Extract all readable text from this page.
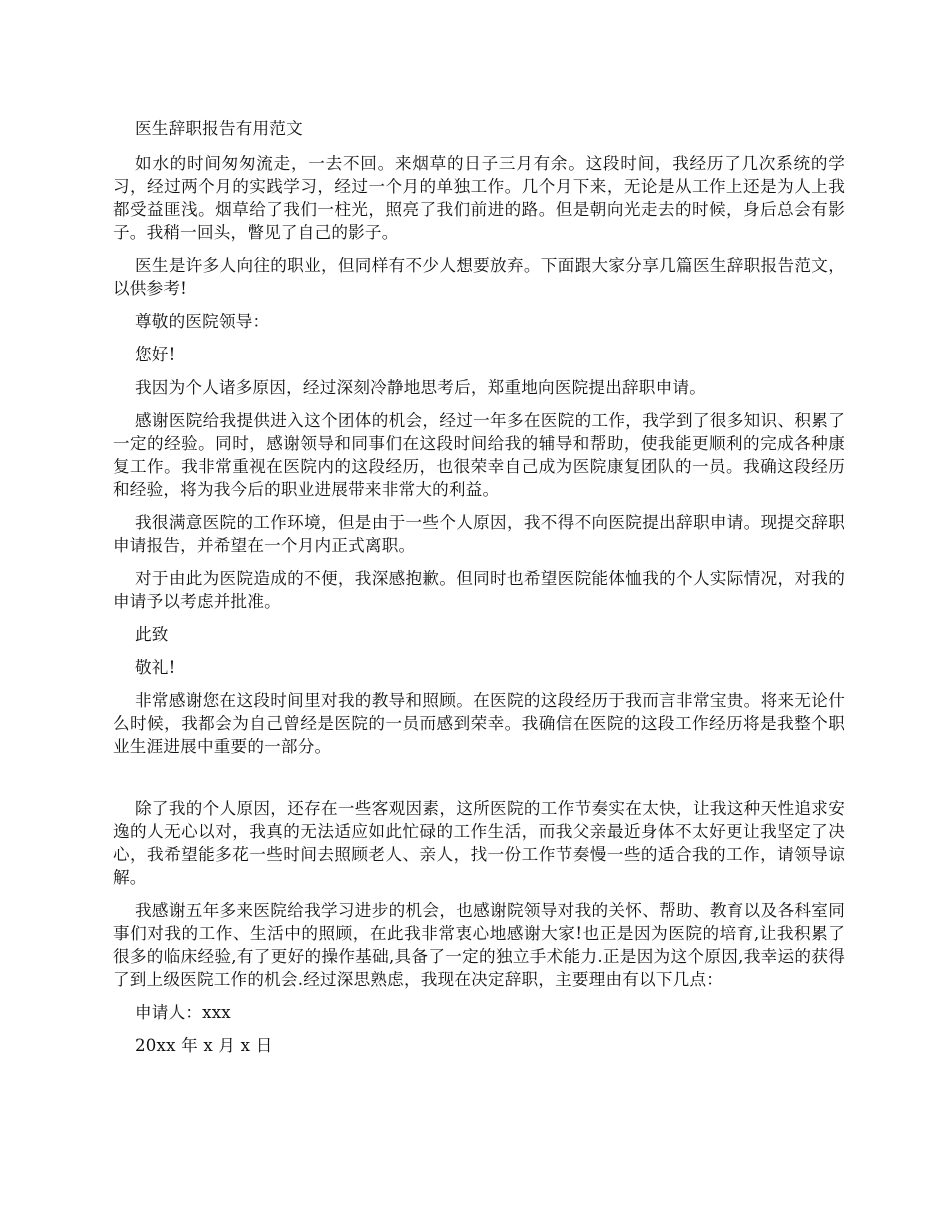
医生辞职报告有用范文

如水的时间匆匆流走，一去不回。来烟草的日子三月有余。这段时间，我经历了几次系统的学习，经过两个月的实践学习，经过一个月的单独工作。几个月下来，无论是从工作上还是为人上我都受益匪浅。烟草给了我们一柱光，照亮了我们前进的路。但是朝向光走去的时候，身后总会有影子。我稍一回头，瞥见了自己的影子。

医生是许多人向往的职业，但同样有不少人想要放弃。下面跟大家分享几篇医生辞职报告范文，以供参考!

尊敬的医院领导：

您好!

我因为个人诸多原因，经过深刻冷静地思考后，郑重地向医院提出辞职申请。

感谢医院给我提供进入这个团体的机会，经过一年多在医院的工作，我学到了很多知识、积累了一定的经验。同时，感谢领导和同事们在这段时间给我的辅导和帮助，使我能更顺利的完成各种康复工作。我非常重视在医院内的这段经历，也很荣幸自己成为医院康复团队的一员。我确这段经历和经验，将为我今后的职业进展带来非常大的利益。

我很满意医院的工作环境，但是由于一些个人原因，我不得不向医院提出辞职申请。现提交辞职申请报告，并希望在一个月内正式离职。

对于由此为医院造成的不便，我深感抱歉。但同时也希望医院能体恤我的个人实际情况，对我的申请予以考虑并批准。

此致

敬礼!

非常感谢您在这段时间里对我的教导和照顾。在医院的这段经历于我而言非常宝贵。将来无论什么时候，我都会为自己曾经是医院的一员而感到荣幸。我确信在医院的这段工作经历将是我整个职业生涯进展中重要的一部分。

除了我的个人原因，还存在一些客观因素，这所医院的工作节奏实在太快，让我这种天性追求安逸的人无心以对，我真的无法适应如此忙碌的工作生活，而我父亲最近身体不太好更让我坚定了决心，我希望能多花一些时间去照顾老人、亲人，找一份工作节奏慢一些的适合我的工作，请领导谅解。

我感谢五年多来医院给我学习进步的机会，也感谢院领导对我的关怀、帮助、教育以及各科室同事们对我的工作、生活中的照顾，在此我非常衷心地感谢大家!也正是因为医院的培育,让我积累了很多的临床经验,有了更好的操作基础,具备了一定的独立手术能力.正是因为这个原因,我幸运的获得了到上级医院工作的机会.经过深思熟虑，我现在决定辞职，主要理由有以下几点：

申请人：xxx

20xx 年 x 月 x 日
